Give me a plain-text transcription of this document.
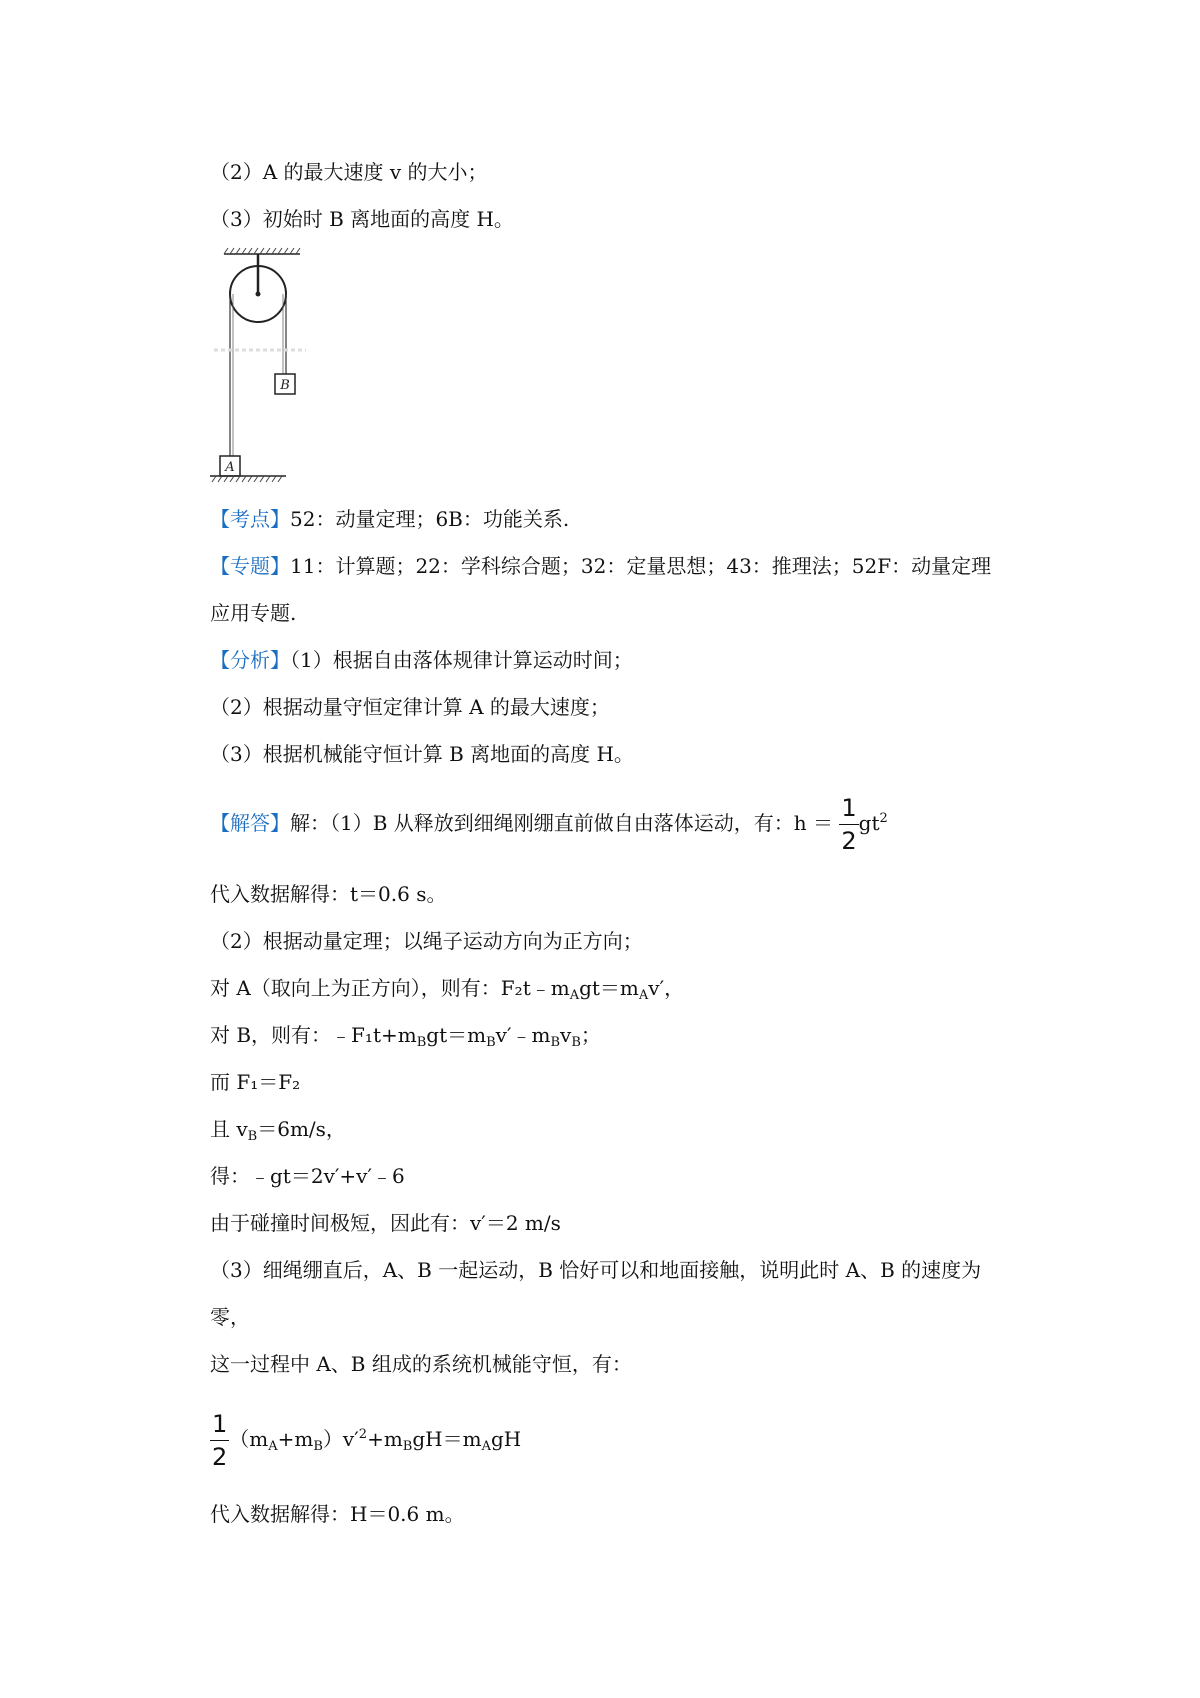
（2）A 的最大速度 v 的大小；
（3）初始时 B 离地面的高度 H。
B
A
【考点】52：动量定理；6B：功能关系.
【专题】11：计算题；22：学科综合题；32：定量思想；43：推理法；52F：动量定理
应用专题.
【分析】（1）根据自由落体规律计算运动时间；
（2）根据动量守恒定律计算 A 的最大速度；
（3）根据机械能守恒计算 B 离地面的高度 H。
【解答】解：（1）B 从释放到细绳刚绷直前做自由落体运动，有：$h = \frac{1}{2} gt^2$
代入数据解得：t＝0.6 s。
（2）根据动量定理；以绳子运动方向为正方向；
对 A（取向上为正方向），则有：$F_2t﹣m_Agt=m_Av'$，
对 B，则有：$﹣F_1t+m_Bgt=m_Bv'﹣m_Bv_B$；
而 F₁＝F₂
且 $v_B=6m/s$，
得：﹣gt＝2v′+v′﹣6
由于碰撞时间极短，因此有：v′＝2 m/s
（3）细绳绷直后，A、B 一起运动，B 恰好可以和地面接触，说明此时 A、B 的速度为
零，
这一过程中 A、B 组成的系统机械能守恒，有：
$\frac{1}{2} (m_A+m_B)v'^2+m_BgH=m_AgH$
代入数据解得：H＝0.6 m。
